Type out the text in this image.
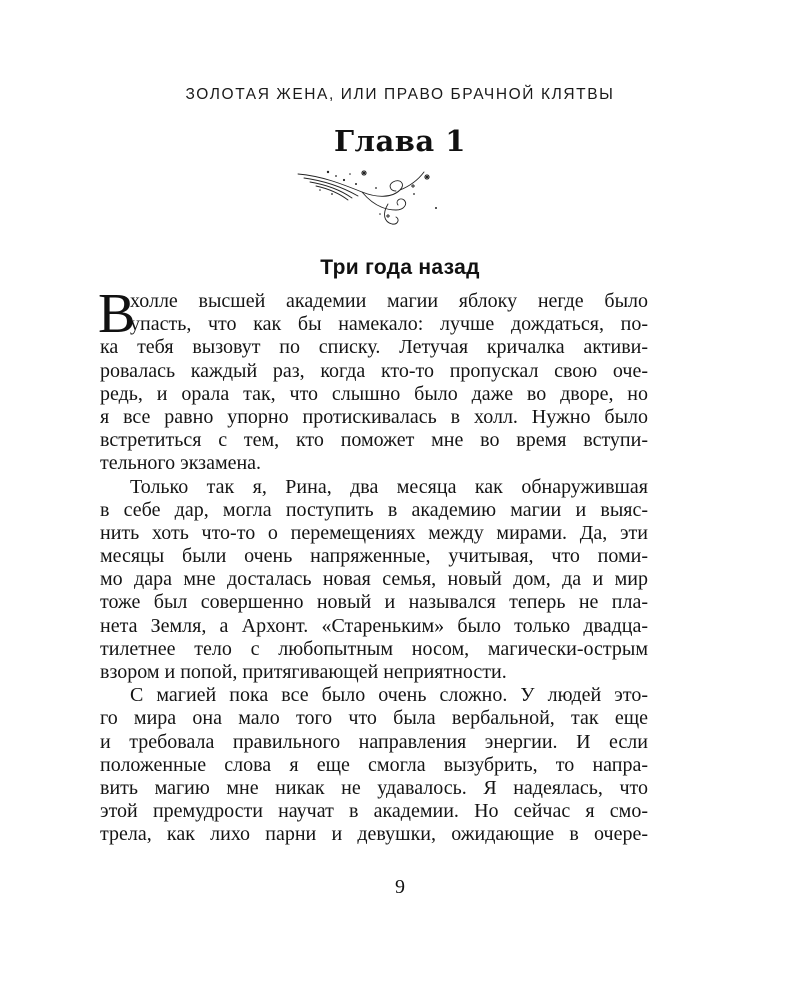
ЗОЛОТАЯ ЖЕНА, ИЛИ ПРАВО БРАЧНОЙ КЛЯТВЫ
Глава 1
Три года назад
В
холле высшей академии магии яблоку негде было
упасть, что как бы намекало: лучше дождаться, по-
ка тебя вызовут по списку. Летучая кричалка активи-
ровалась каждый раз, когда кто-то пропускал свою оче-
редь, и орала так, что слышно было даже во дворе, но
я все равно упорно протискивалась в холл. Нужно было
встретиться с тем, кто поможет мне во время вступи-
тельного экзамена.
Только так я, Рина, два месяца как обнаружившая
в себе дар, могла поступить в академию магии и выяс-
нить хоть что-то о перемещениях между мирами. Да, эти
месяцы были очень напряженные, учитывая, что поми-
мо дара мне досталась новая семья, новый дом, да и мир
тоже был совершенно новый и назывался теперь не пла-
нета Земля, а Архонт. «Стареньким» было только двадца-
тилетнее тело с любопытным носом, магически-острым
взором и попой, притягивающей неприятности.
С магией пока все было очень сложно. У людей это-
го мира она мало того что была вербальной, так еще
и требовала правильного направления энергии. И если
положенные слова я еще смогла вызубрить, то напра-
вить магию мне никак не удавалось. Я надеялась, что
этой премудрости научат в академии. Но сейчас я смо-
трела, как лихо парни и девушки, ожидающие в очере-
9
